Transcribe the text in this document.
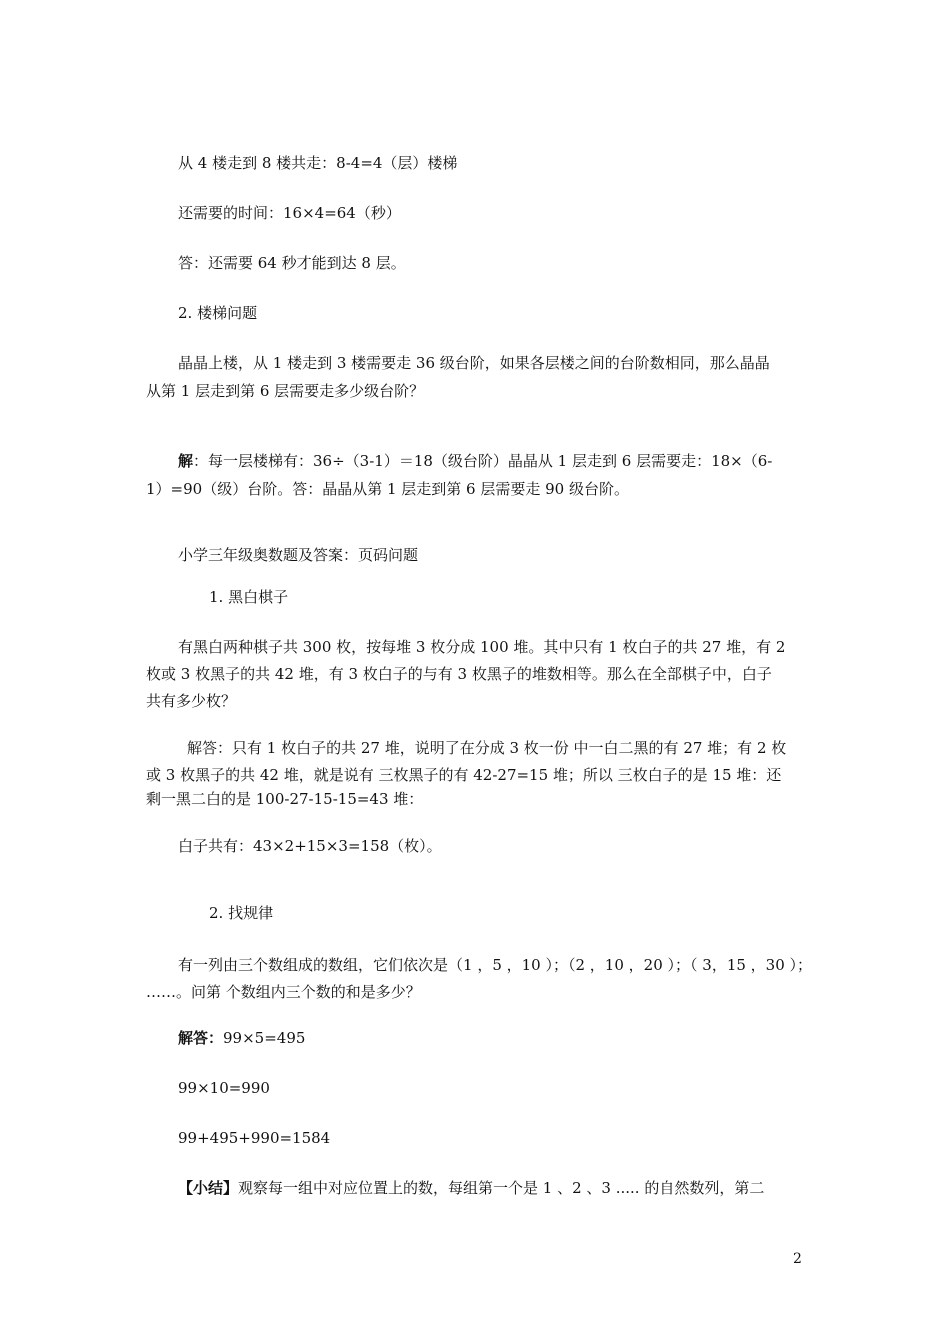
从 4 楼走到 8 楼共走：8-4=4（层）楼梯
还需要的时间：16×4=64（秒）
答：还需要 64 秒才能到达 8 层。
2. 楼梯问题
晶晶上楼，从 1 楼走到 3 楼需要走 36 级台阶，如果各层楼之间的台阶数相同，那么晶晶
从第 1 层走到第 6 层需要走多少级台阶？
解：每一层楼梯有：36÷（3-1）＝18（级台阶）晶晶从 1 层走到 6 层需要走：18×（6-
1）=90（级）台阶。答：晶晶从第 1 层走到第 6 层需要走 90 级台阶。
小学三年级奥数题及答案：页码问题
1. 黑白棋子
有黑白两种棋子共 300 枚，按每堆 3 枚分成 100 堆。其中只有 1 枚白子的共 27 堆，有 2
枚或 3 枚黑子的共 42 堆，有 3 枚白子的与有 3 枚黑子的堆数相等。那么在全部棋子中，白子
共有多少枚？
解答：只有 1 枚白子的共 27 堆，说明了在分成 3 枚一份 中一白二黑的有 27 堆；有 2 枚
或 3 枚黑子的共 42 堆，就是说有 三枚黑子的有 42-27=15 堆；所以 三枚白子的是 15 堆：还
剩一黑二白的是 100-27-15-15=43 堆：
白子共有：43×2+15×3=158（枚）。
2. 找规律
有一列由三个数组成的数组，它们依次是（1 ，5 ，10 ）；（2 ，10 ，20 ）；（ 3，15 ，30 ）；
……。问第 个数组内三个数的和是多少？
解答：99×5=495
99×10=990
99+495+990=1584
【小结】观察每一组中对应位置上的数，每组第一个是 1 、2 、3 ..... 的自然数列，第二
2
